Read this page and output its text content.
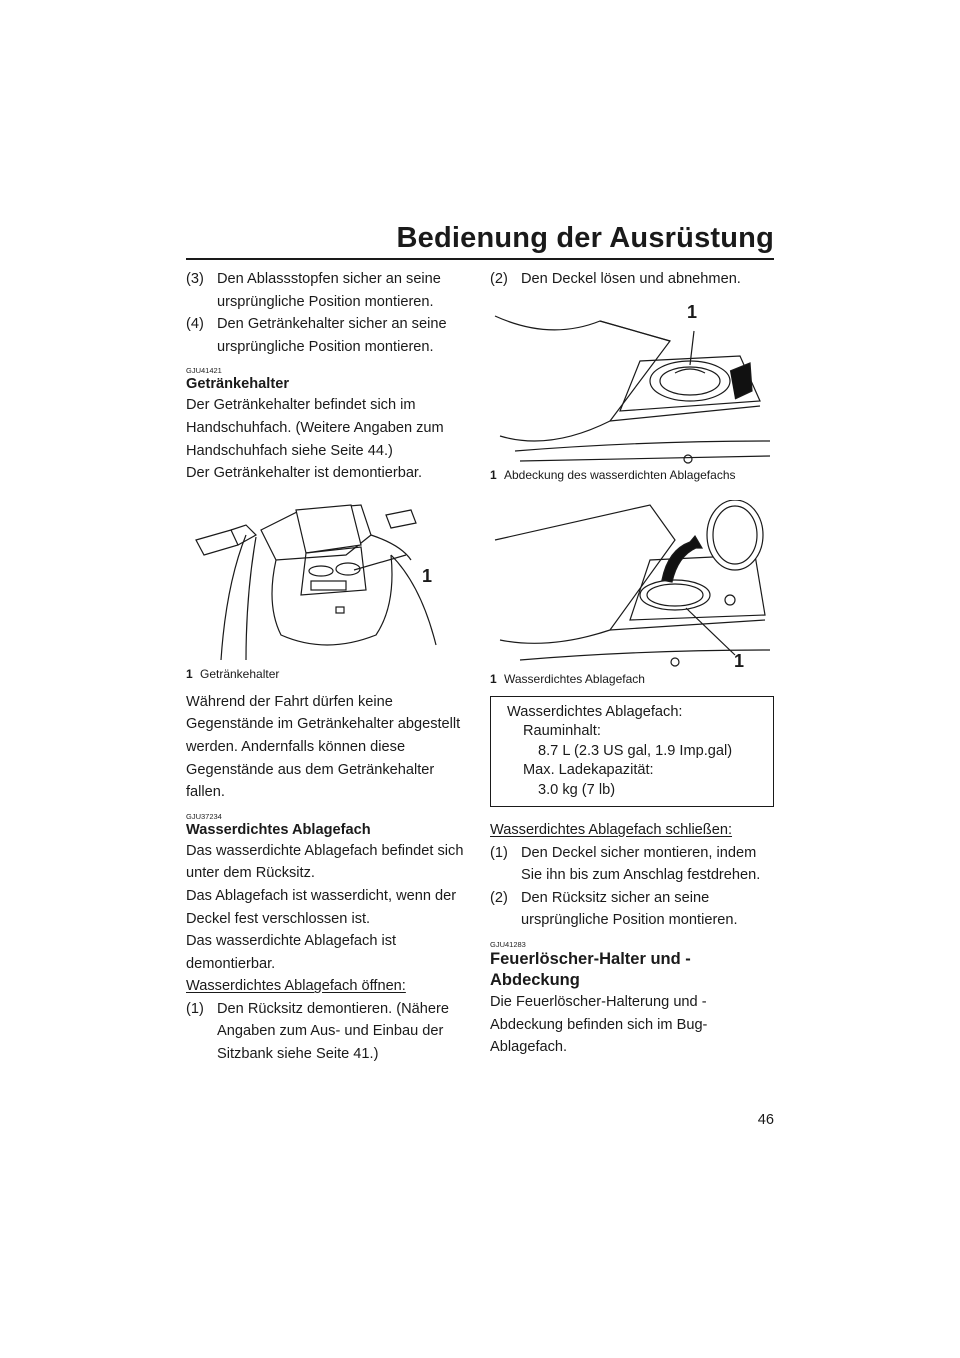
Bedienung der Ausrüstung
(3) Den Ablassstopfen sicher an seine ursprüngliche Position montieren.

(4) Den Getränkehalter sicher an seine ursprüngliche Position montieren.

GJU41421
Getränkehalter

Der Getränkehalter befindet sich im Handschuhfach. (Weitere Angaben zum Handschuhfach siehe Seite 44.)

Der Getränkehalter ist demontierbar.

1
1 Getränkehalter

Während der Fahrt dürfen keine Gegenstände im Getränkehalter abgestellt werden. Andernfalls können diese Gegenstände aus dem Getränkehalter fallen.

GJU37234
Wasserdichtes Ablagefach

Das wasserdichte Ablagefach befindet sich unter dem Rücksitz.

Das Ablagefach ist wasserdicht, wenn der Deckel fest verschlossen ist.

Das wasserdichte Ablagefach ist demontierbar.

Wasserdichtes Ablagefach öffnen:

(1) Den Rücksitz demontieren. (Nähere Angaben zum Aus- und Einbau der Sitzbank siehe Seite 41.)

(2) Den Deckel lösen und abnehmen.

1
1 Abdeckung des wasserdichten Ablagefachs
1
1 Wasserdichtes Ablagefach
Wasserdichtes Ablagefach:
Rauminhalt:
8.7 L (2.3 US gal, 1.9 Imp.gal)
Max. Ladekapazität:
3.0 kg (7 lb)

Wasserdichtes Ablagefach schließen:

(1) Den Deckel sicher montieren, indem Sie ihn bis zum Anschlag festdrehen.

(2) Den Rücksitz sicher an seine ursprüngliche Position montieren.

GJU41283
Feuerlöscher-Halter und -Abdeckung

Die Feuerlöscher-Halterung und -Abdeckung befinden sich im Bug-Ablagefach.

46
